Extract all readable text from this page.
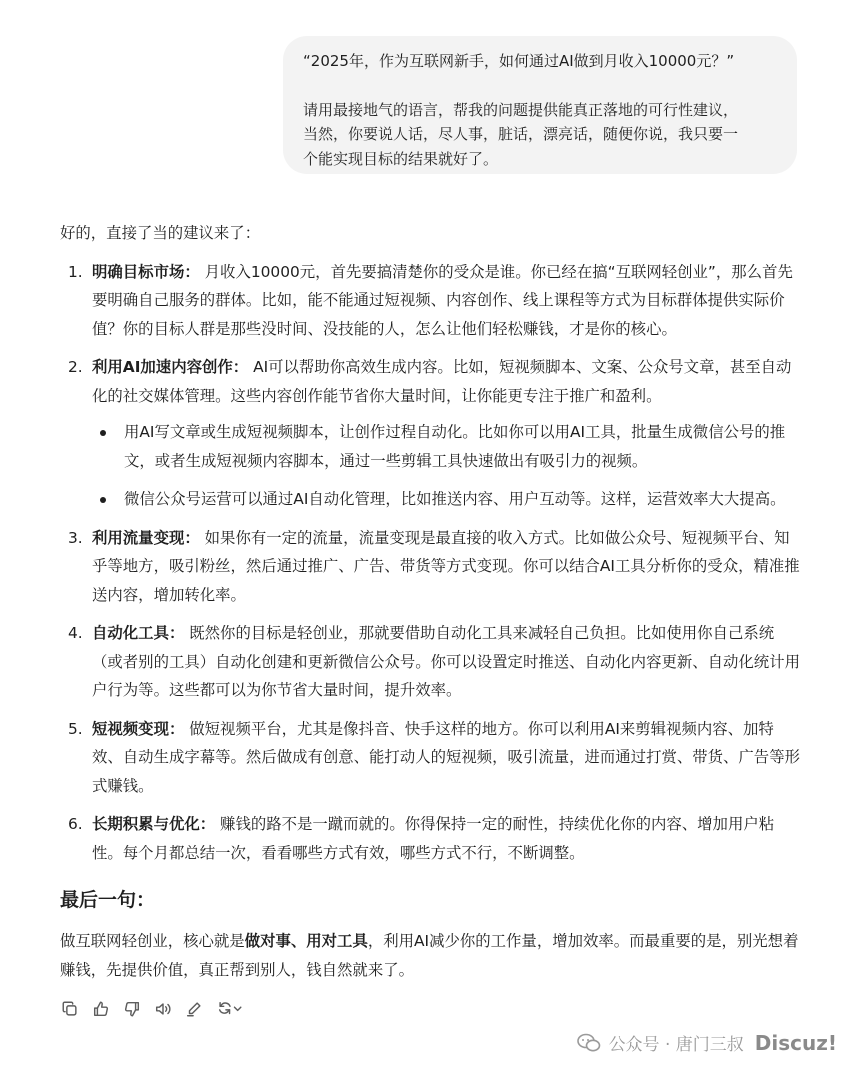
“2025年，作为互联网新手，如何通过AI做到月收入10000元？”

请用最接地气的语言，帮我的问题提供能真正落地的可行性建议，

当然，你要说人话，尽人事，脏话，漂亮话，随便你说，我只要一

个能实现目标的结果就好了。

好的，直接了当的建议来了：

1. 明确目标市场： 月收入10000元，首先要搞清楚你的受众是谁。你已经在搞“互联网轻创业”，那么首先要明确自己服务的群体。比如，能不能通过短视频、内容创作、线上课程等方式为目标群体提供实际价值？你的目标人群是那些没时间、没技能的人，怎么让他们轻松赚钱，才是你的核心。
2. 利用AI加速内容创作： AI可以帮助你高效生成内容。比如，短视频脚本、文案、公众号文章，甚至自动化的社交媒体管理。这些内容创作能节省你大量时间，让你能更专注于推广和盈利。
用AI写文章或生成短视频脚本，让创作过程自动化。比如你可以用AI工具，批量生成微信公号的推文，或者生成短视频内容脚本，通过一些剪辑工具快速做出有吸引力的视频。
微信公众号运营可以通过AI自动化管理，比如推送内容、用户互动等。这样，运营效率大大提高。
3. 利用流量变现： 如果你有一定的流量，流量变现是最直接的收入方式。比如做公众号、短视频平台、知乎等地方，吸引粉丝，然后通过推广、广告、带货等方式变现。你可以结合AI工具分析你的受众，精准推送内容，增加转化率。
4. 自动化工具： 既然你的目标是轻创业，那就要借助自动化工具来减轻自己负担。比如使用你自己系统（或者别的工具）自动化创建和更新微信公众号。你可以设置定时推送、自动化内容更新、自动化统计用户行为等。这些都可以为你节省大量时间，提升效率。
5. 短视频变现： 做短视频平台，尤其是像抖音、快手这样的地方。你可以利用AI来剪辑视频内容、加特效、自动生成字幕等。然后做成有创意、能打动人的短视频，吸引流量，进而通过打赏、带货、广告等形式赚钱。
6. 长期积累与优化： 赚钱的路不是一蹴而就的。你得保持一定的耐性，持续优化你的内容、增加用户粘性。每个月都总结一次，看看哪些方式有效，哪些方式不行，不断调整。
最后一句：

做互联网轻创业，核心就是做对事、用对工具，利用AI减少你的工作量，增加效率。而最重要的是，别光想着赚钱，先提供价值，真正帮到别人，钱自然就来了。

公众号 · 唐门三叔 Discuz!
